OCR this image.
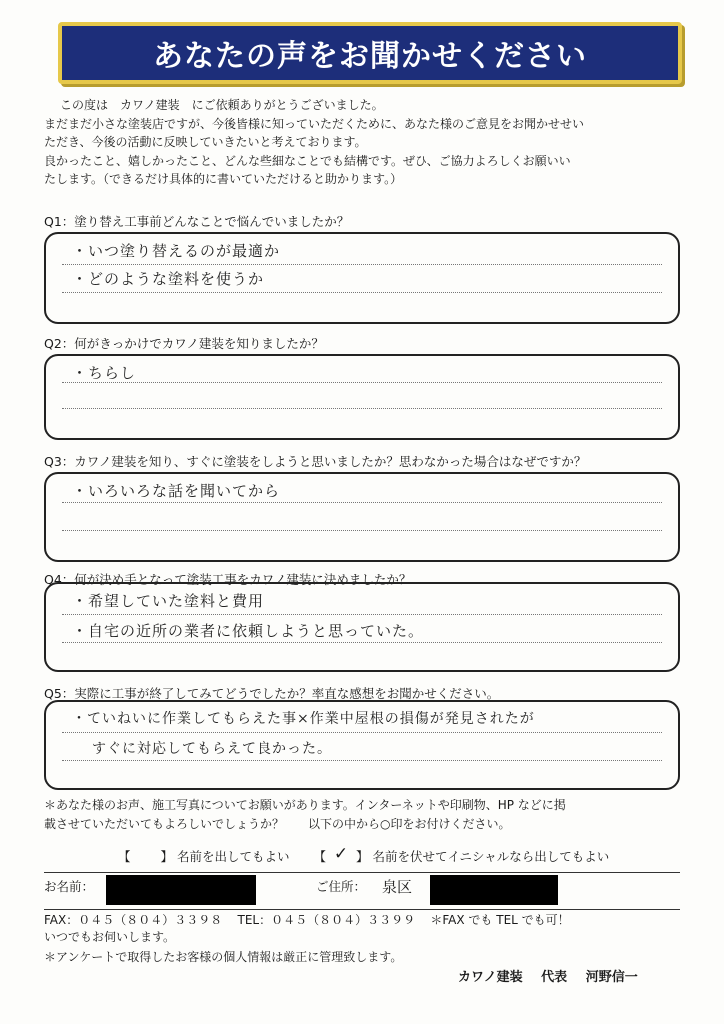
あなたの声をお聞かせください
この度は　カワノ建装　にご依頼ありがとうございました。
まだまだ小さな塗装店ですが、今後皆様に知っていただくために、あなた様のご意見をお聞かせせい
ただき、今後の活動に反映していきたいと考えております。
良かったこと、嬉しかったこと、どんな些細なことでも結構です。ぜひ、ご協力よろしくお願いい
たします。（できるだけ具体的に書いていただけると助かります。）
Q1：塗り替え工事前どんなことで悩んでいましたか？
・いつ塗り替えるのが最適か
・どのような塗料を使うか
Q2：何がきっかけでカワノ建装を知りましたか？
・ちらし
Q3：カワノ建装を知り、すぐに塗装をしようと思いましたか？思わなかった場合はなぜですか？
・いろいろな話を聞いてから
Q4：何が決め手となって塗装工事をカワノ建装に決めましたか？
・希望していた塗料と費用
・自宅の近所の業者に依頼しようと思っていた。
Q5：実際に工事が終了してみてどうでしたか？率直な感想をお聞かせください。
・ていねいに作業してもらえた事×作業中屋根の損傷が発見されたが
すぐに対応してもらえて良かった。
＊あなた様のお声、施工写真についてお願いがあります。インターネットや印刷物、HP などに掲
載させていただいてもよろしいでしょうか？　　以下の中から○印をお付けください。
【 】 名前を出してもよい 【 ✓ 】 名前を伏せてイニシャルなら出してもよい
お名前：	ご住所： 泉区
FAX：０４５（８０４）３３９８ TEL：０４５（８０４）３３９９ ＊FAX でも TEL でも可！
いつでもお伺いします。
＊アンケートで取得したお客様の個人情報は厳正に管理致します。
カワノ建装 代表 河野信一
